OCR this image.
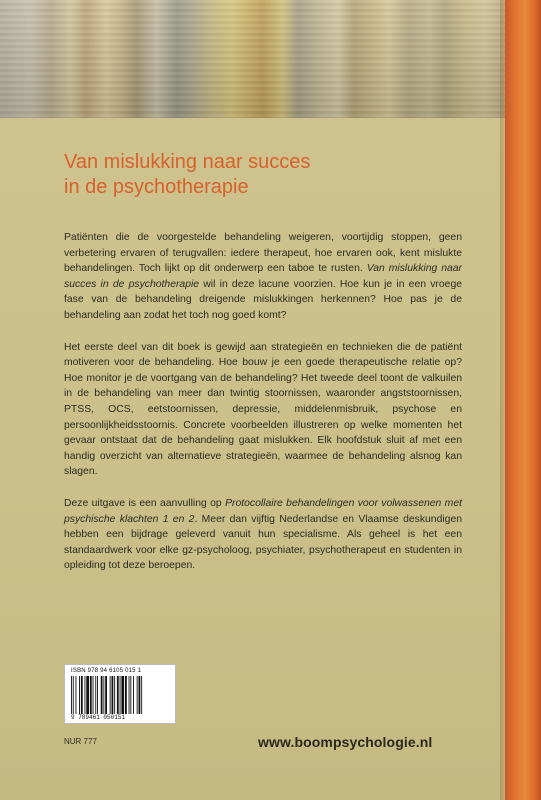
Van mislukking naar succes
in de psychotherapie

Patiënten die de voorgestelde behandeling weigeren, voortijdig stoppen, geen verbetering ervaren of terugvallen: iedere therapeut, hoe ervaren ook, kent mislukte behandelingen. Toch lijkt op dit onderwerp een taboe te rusten. Van mislukking naar succes in de psychotherapie wil in deze lacune voorzien. Hoe kun je in een vroege fase van de behandeling dreigende mislukkingen herkennen? Hoe pas je de behandeling aan zodat het toch nog goed komt?

Het eerste deel van dit boek is gewijd aan strategieën en technieken die de patiënt motiveren voor de behandeling. Hoe bouw je een goede therapeutische relatie op? Hoe monitor je de voortgang van de behandeling? Het tweede deel toont de valkuilen in de behandeling van meer dan twintig stoornissen, waaronder angststoornissen, PTSS, OCS, eetstoornissen, depressie, middelenmisbruik, psychose en persoonlijkheidsstoornis. Concrete voorbeelden illustreren op welke momenten het gevaar ontstaat dat de behandeling gaat mislukken. Elk hoofdstuk sluit af met een handig overzicht van alternatieve strategieën, waarmee de behandeling alsnog kan slagen.

Deze uitgave is een aanvulling op Protocollaire behandelingen voor volwassenen met psychische klachten 1 en 2. Meer dan vijftig Nederlandse en Vlaamse deskundigen hebben een bijdrage geleverd vanuit hun specialisme. Als geheel is het een standaardwerk voor elke gz-psycholoog, psychiater, psychotherapeut en studenten in opleiding tot deze beroepen.

ISBN 978 94 6105 015 1
9 789461 050151
NUR 777	www.boompsychologie.nl
